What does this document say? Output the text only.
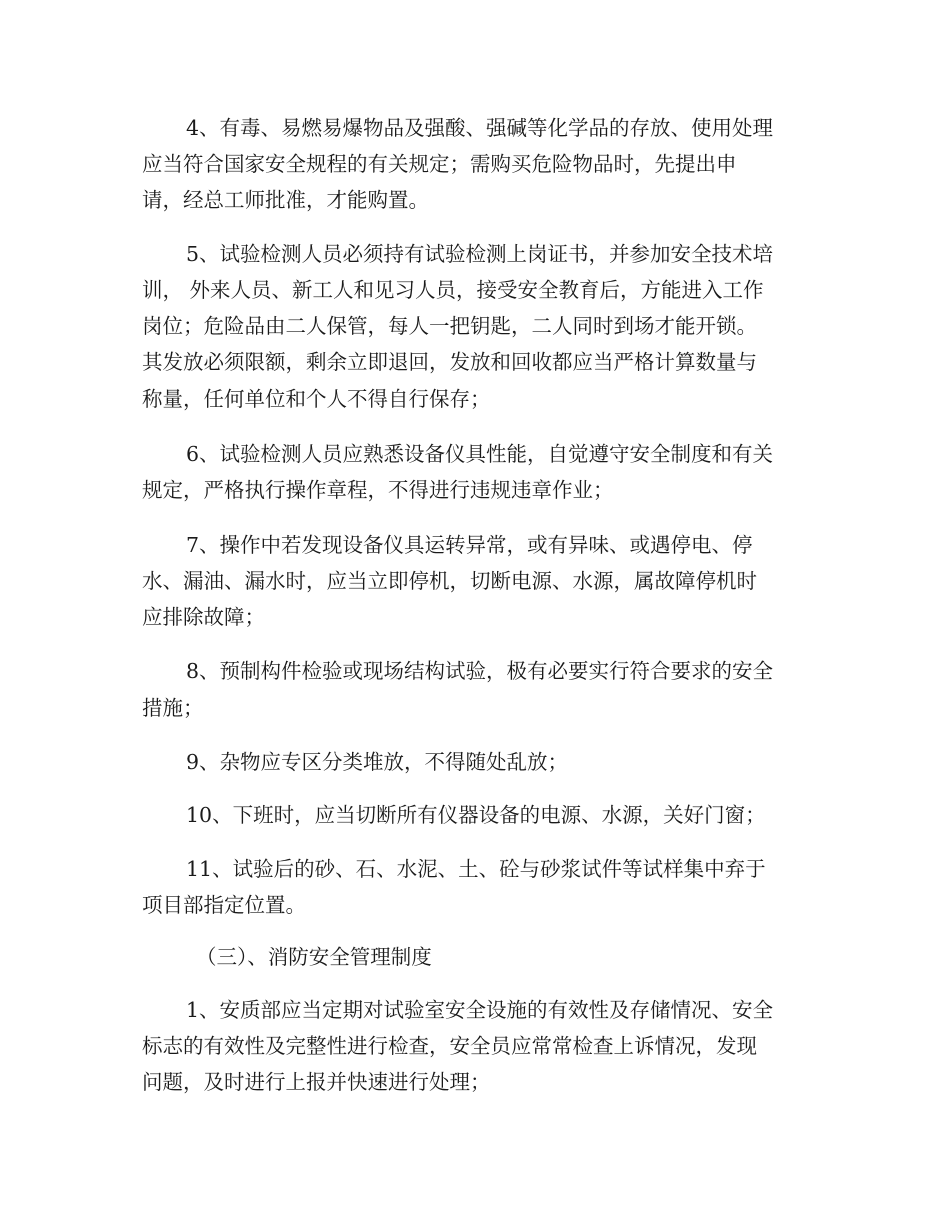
4、有毒、易燃易爆物品及强酸、强碱等化学品的存放、使用处理
应当符合国家安全规程的有关规定；需购买危险物品时，先提出申
请，经总工师批准，才能购置。
5、试验检测人员必须持有试验检测上岗证书，并参加安全技术培
训， 外来人员、新工人和见习人员，接受安全教育后，方能进入工作
岗位；危险品由二人保管，每人一把钥匙，二人同时到场才能开锁。
其发放必须限额，剩余立即退回，发放和回收都应当严格计算数量与
称量，任何单位和个人不得自行保存；
6、试验检测人员应熟悉设备仪具性能，自觉遵守安全制度和有关
规定，严格执行操作章程，不得进行违规违章作业；
7、操作中若发现设备仪具运转异常，或有异味、或遇停电、停
水、漏油、漏水时，应当立即停机，切断电源、水源，属故障停机时
应排除故障；
8、预制构件检验或现场结构试验，极有必要实行符合要求的安全
措施；
9、杂物应专区分类堆放，不得随处乱放；
10、下班时，应当切断所有仪器设备的电源、水源，关好门窗；
11、试验后的砂、石、水泥、土、砼与砂浆试件等试样集中弃于
项目部指定位置。
（三）、消防安全管理制度
1、安质部应当定期对试验室安全设施的有效性及存储情况、安全
标志的有效性及完整性进行检查，安全员应常常检查上诉情况，发现
问题，及时进行上报并快速进行处理；
